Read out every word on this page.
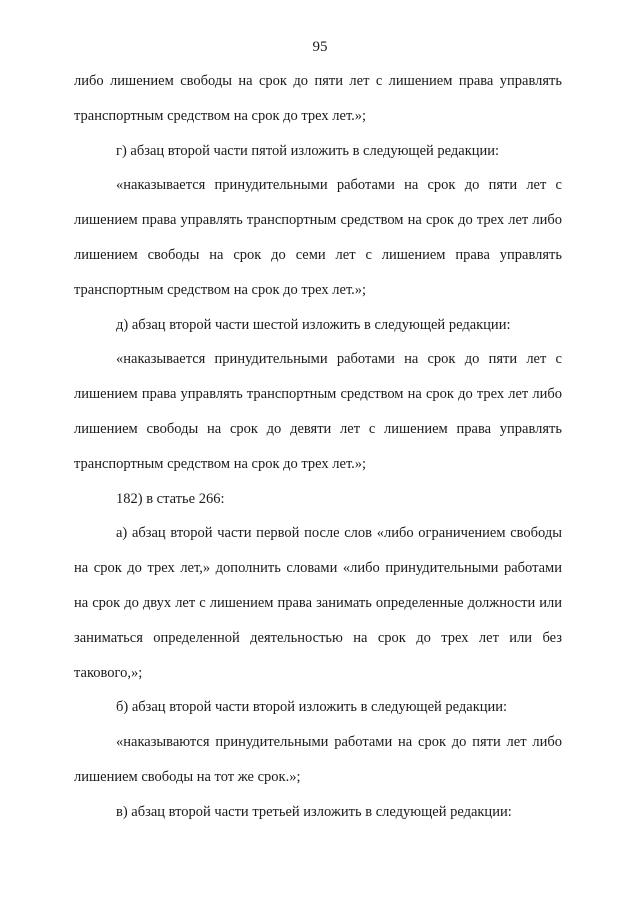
95

либо лишением свободы на срок до пяти лет с лишением права управлять транспортным средством на срок до трех лет.»;

г) абзац второй части пятой изложить в следующей редакции:

«наказывается принудительными работами на срок до пяти лет с лишением права управлять транспортным средством на срок до трех лет либо лишением свободы на срок до семи лет с лишением права управлять транспортным средством на срок до трех лет.»;

д) абзац второй части шестой изложить в следующей редакции:

«наказывается принудительными работами на срок до пяти лет с лишением права управлять транспортным средством на срок до трех лет либо лишением свободы на срок до девяти лет с лишением права управлять транспортным средством на срок до трех лет.»;

182) в статье 266:

а) абзац второй части первой после слов «либо ограничением свободы на срок до трех лет,» дополнить словами «либо принудительными работами на срок до двух лет с лишением права занимать определенные должности или заниматься определенной деятельностью на срок до трех лет или без такового,»;

б) абзац второй части второй изложить в следующей редакции:

«наказываются принудительными работами на срок до пяти лет либо лишением свободы на тот же срок.»;

в) абзац второй части третьей изложить в следующей редакции:
